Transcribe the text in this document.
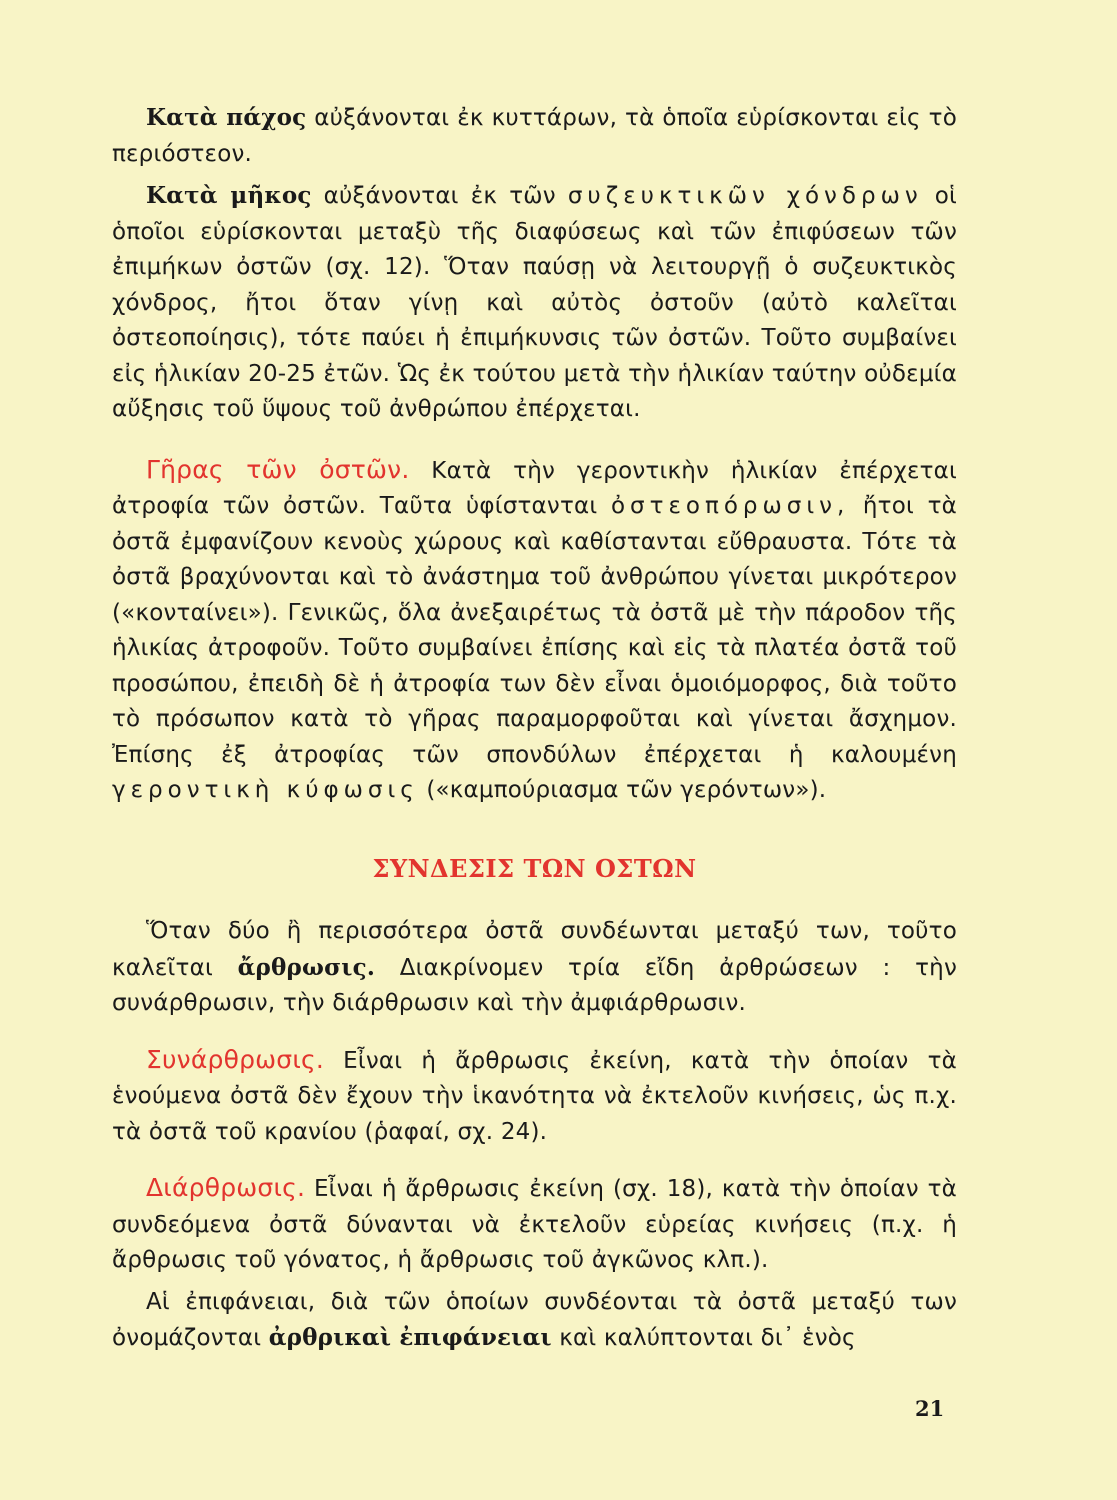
Κατὰ πάχος αὐξάνονται ἐκ κυττάρων, τὰ ὁποῖα εὑρίσκονται εἰς τὸ περιόστεον.

Κατὰ μῆκος αὐξάνονται ἐκ τῶν συζευκτικῶν χόνδρων οἱ ὁποῖοι εὑρίσκονται μεταξὺ τῆς διαφύσεως καὶ τῶν ἐπιφύσεων τῶν ἐπιμήκων ὀστῶν (σχ. 12). Ὅταν παύσῃ νὰ λειτουργῇ ὁ συζευκτικὸς χόνδρος, ἤτοι ὅταν γίνῃ καὶ αὐτὸς ὀστοῦν (αὐτὸ καλεῖται ὀστεοποίησις), τότε παύει ἡ ἐπιμήκυνσις τῶν ὀστῶν. Τοῦτο συμβαίνει εἰς ἡλικίαν 20-25 ἐτῶν. Ὡς ἐκ τούτου μετὰ τὴν ἡλικίαν ταύτην οὐδεμία αὔξησις τοῦ ὕψους τοῦ ἀνθρώπου ἐπέρχεται.

Γῆρας τῶν ὀστῶν. Κατὰ τὴν γεροντικὴν ἡλικίαν ἐπέρχεται ἀτροφία τῶν ὀστῶν. Ταῦτα ὑφίστανται ὀστεοπόρωσιν, ἤτοι τὰ ὀστᾶ ἐμφανίζουν κενοὺς χώρους καὶ καθίστανται εὔθραυστα. Τότε τὰ ὀστᾶ βραχύνονται καὶ τὸ ἀνάστημα τοῦ ἀνθρώπου γίνεται μικρότερον («κονταίνει»). Γενικῶς, ὅλα ἀνεξαιρέτως τὰ ὀστᾶ μὲ τὴν πάροδον τῆς ἡλικίας ἀτροφοῦν. Τοῦτο συμβαίνει ἐπίσης καὶ εἰς τὰ πλατέα ὀστᾶ τοῦ προσώπου, ἐπειδὴ δὲ ἡ ἀτροφία των δὲν εἶναι ὁμοιόμορφος, διὰ τοῦτο τὸ πρόσωπον κατὰ τὸ γῆρας παραμορφοῦται καὶ γίνεται ἄσχημον. Ἐπίσης ἐξ ἀτροφίας τῶν σπονδύλων ἐπέρχεται ἡ καλουμένη γεροντικὴ κύφωσις («καμπούριασμα τῶν γερόντων»).

ΣΥΝΔΕΣΙΣ ΤΩΝ ΟΣΤΩΝ

Ὅταν δύο ἢ περισσότερα ὀστᾶ συνδέωνται μεταξύ των, τοῦτο καλεῖται ἄρθρωσις. Διακρίνομεν τρία εἴδη ἀρθρώσεων : τὴν συνάρθρωσιν, τὴν διάρθρωσιν καὶ τὴν ἀμφιάρθρωσιν.

Συνάρθρωσις. Εἶναι ἡ ἄρθρωσις ἐκείνη, κατὰ τὴν ὁποίαν τὰ ἑνούμενα ὀστᾶ δὲν ἔχουν τὴν ἱκανότητα νὰ ἐκτελοῦν κινήσεις, ὡς π.χ. τὰ ὀστᾶ τοῦ κρανίου (ῥαφαί, σχ. 24).

Διάρθρωσις. Εἶναι ἡ ἄρθρωσις ἐκείνη (σχ. 18), κατὰ τὴν ὁποίαν τὰ συνδεόμενα ὀστᾶ δύνανται νὰ ἐκτελοῦν εὑρείας κινήσεις (π.χ. ἡ ἄρθρωσις τοῦ γόνατος, ἡ ἄρθρωσις τοῦ ἀγκῶνος κλπ.).

Αἱ ἐπιφάνειαι, διὰ τῶν ὁποίων συνδέονται τὰ ὀστᾶ μεταξύ των ὀνομάζονται ἀρθρικαὶ ἐπιφάνειαι καὶ καλύπτονται δι᾿ ἑνὸς

21
